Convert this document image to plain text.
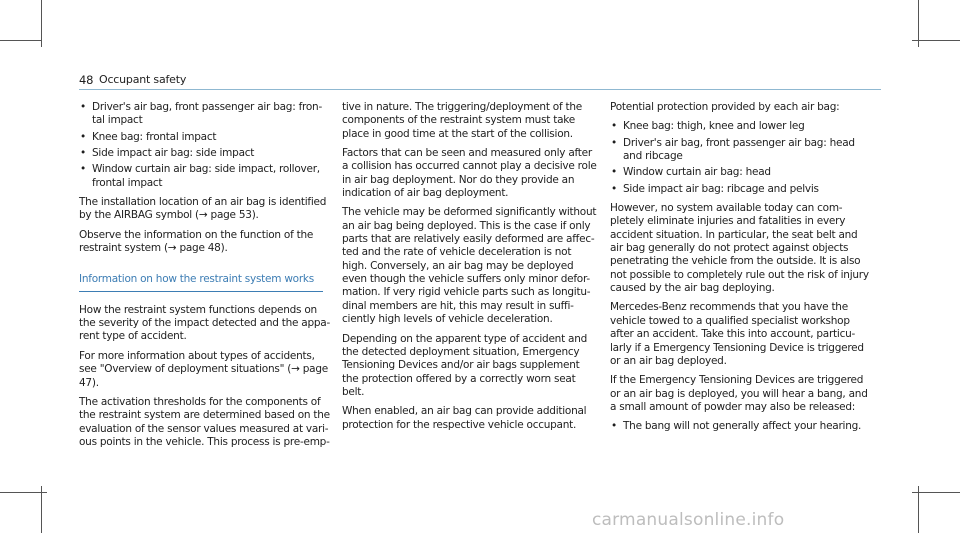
48 Occupant safety
• Driver's air bag, front passenger air bag: fron- tal impact
• Knee bag: frontal impact
• Side impact air bag: side impact
• Window curtain air bag: side impact, rollover, frontal impact

The installation location of an air bag is identified by the AIRBAG symbol (→ page 53).

Observe the information on the function of the restraint system (→ page 48).

Information on how the restraint system works

How the restraint system functions depends on the severity of the impact detected and the appa- rent type of accident.

For more information about types of accidents, see "Overview of deployment situations" (→ page 47).

The activation thresholds for the components of the restraint system are determined based on the evaluation of the sensor values measured at vari- ous points in the vehicle. This process is pre-emp-

tive in nature. The triggering/deployment of the components of the restraint system must take place in good time at the start of the collision.

Factors that can be seen and measured only after a collision has occurred cannot play a decisive role in air bag deployment. Nor do they provide an indication of air bag deployment.

The vehicle may be deformed significantly without an air bag being deployed. This is the case if only parts that are relatively easily deformed are affec- ted and the rate of vehicle deceleration is not high. Conversely, an air bag may be deployed even though the vehicle suffers only minor defor- mation. If very rigid vehicle parts such as longitu- dinal members are hit, this may result in suffi- ciently high levels of vehicle deceleration.

Depending on the apparent type of accident and the detected deployment situation, Emergency Tensioning Devices and/or air bags supplement the protection offered by a correctly worn seat belt.

When enabled, an air bag can provide additional protection for the respective vehicle occupant.

Potential protection provided by each air bag:

• Knee bag: thigh, knee and lower leg
• Driver's air bag, front passenger air bag: head and ribcage
• Window curtain air bag: head
• Side impact air bag: ribcage and pelvis

However, no system available today can com- pletely eliminate injuries and fatalities in every accident situation. In particular, the seat belt and air bag generally do not protect against objects penetrating the vehicle from the outside. It is also not possible to completely rule out the risk of injury caused by the air bag deploying.

Mercedes-Benz recommends that you have the vehicle towed to a qualified specialist workshop after an accident. Take this into account, particu- larly if a Emergency Tensioning Device is triggered or an air bag deployed.

If the Emergency Tensioning Devices are triggered or an air bag is deployed, you will hear a bang, and a small amount of powder may also be released:

• The bang will not generally affect your hearing.
carmanualsonline.info
